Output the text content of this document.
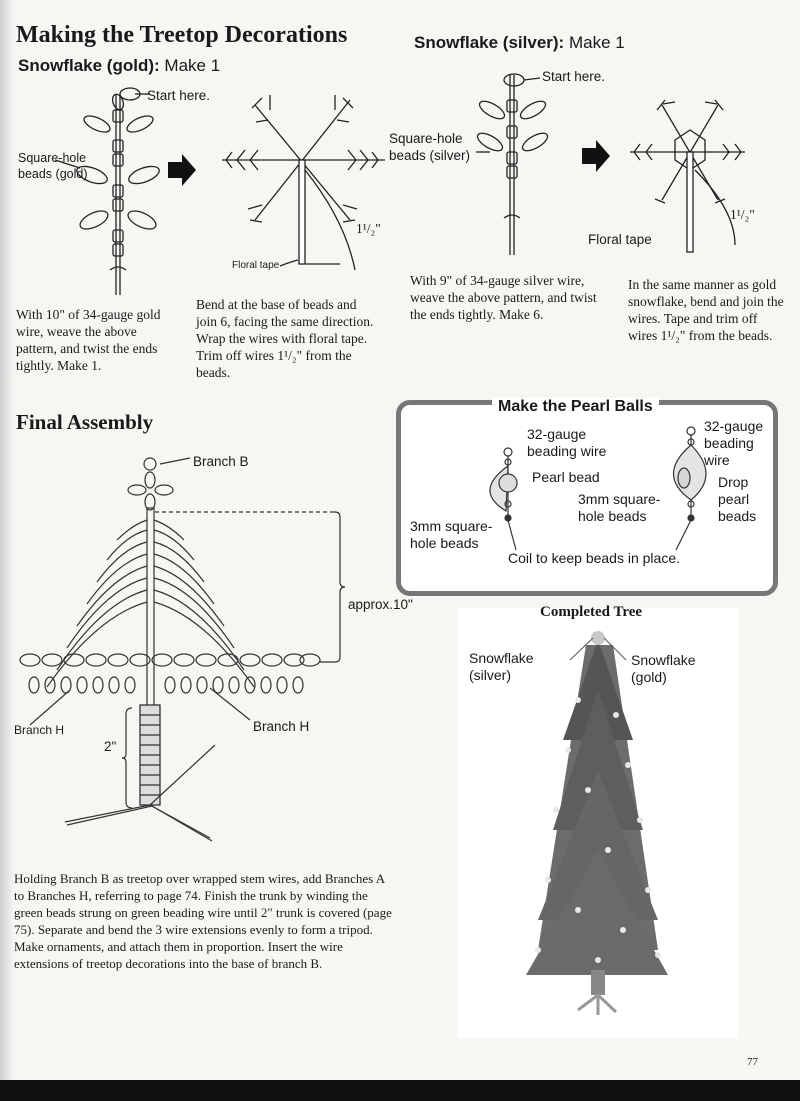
Making the Treetop Decorations
Snowflake (gold): Make 1
Start here.
Square-hole
beads (gold)
Floral tape
1¹/₂"
With 10" of 34-gauge gold wire, weave the above pattern, and twist the ends tightly. Make 1.
Bend at the base of beads and join 6, facing the same direction. Wrap the wires with floral tape. Trim off wires 1¹/₂" from the beads.
Snowflake (silver): Make 1
Start here.
Square-hole
beads (silver)
Floral tape
1¹/₂"
With 9" of 34-gauge silver wire, weave the above pattern, and twist the ends tightly. Make 6.
In the same manner as gold snowflake, bend and join the wires. Tape and trim off wires 1¹/₂" from the beads.
Final Assembly
Branch B
approx.10"
Branch H	Branch H
2"
Holding Branch B as treetop over wrapped stem wires, add Branches A to Branches H, referring to page 74. Finish the trunk by winding the green beads strung on green beading wire until 2" trunk is covered (page 75). Separate and bend the 3 wire extensions evenly to form a tripod. Make ornaments, and attach them in proportion. Insert the wire extensions of treetop decorations into the base of branch B.
Make the Pearl Balls
32-gauge
beading wire
Pearl bead
3mm square-
hole beads
32-gauge
beading
wire
Drop
pearl
beads
3mm square-
hole beads
Coil to keep beads in place.
Completed Tree
Snowflake
(silver)
Snowflake
(gold)
77
